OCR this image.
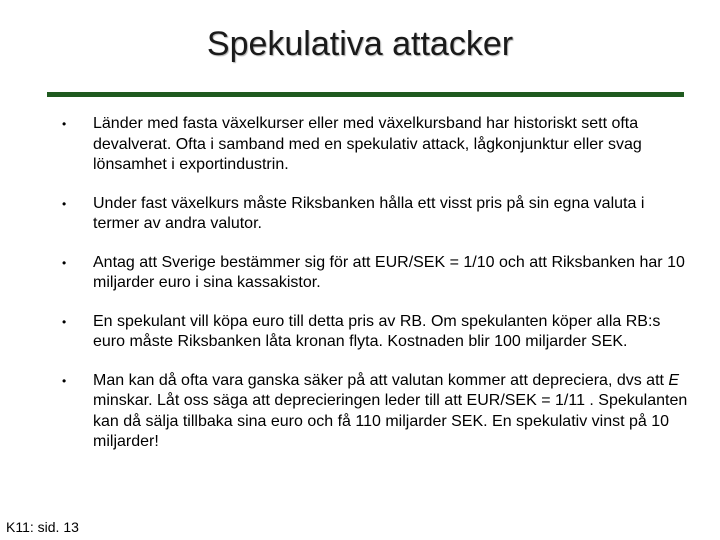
Spekulativa attacker
• Länder med fasta växelkurser eller med växelkursband har historiskt sett ofta devalverat. Ofta i samband med en spekulativ attack, lågkonjunktur eller svag lönsamhet i exportindustrin.
• Under fast växelkurs måste Riksbanken hålla ett visst pris på sin egna valuta i termer av andra valutor.
• Antag att Sverige bestämmer sig för att EUR/SEK = 1/10 och att Riksbanken har 10 miljarder euro i sina kassakistor.
• En spekulant vill köpa euro till detta pris av RB. Om spekulanten köper alla RB:s euro måste Riksbanken låta kronan flyta. Kostnaden blir 100 miljarder SEK.
• Man kan då ofta vara ganska säker på att valutan kommer att depreciera, dvs att E minskar. Låt oss säga att deprecieringen leder till att EUR/SEK = 1/11 . Spekulanten kan då sälja tillbaka sina euro och få 110 miljarder SEK. En spekulativ vinst på 10 miljarder!
K11: sid. 13
